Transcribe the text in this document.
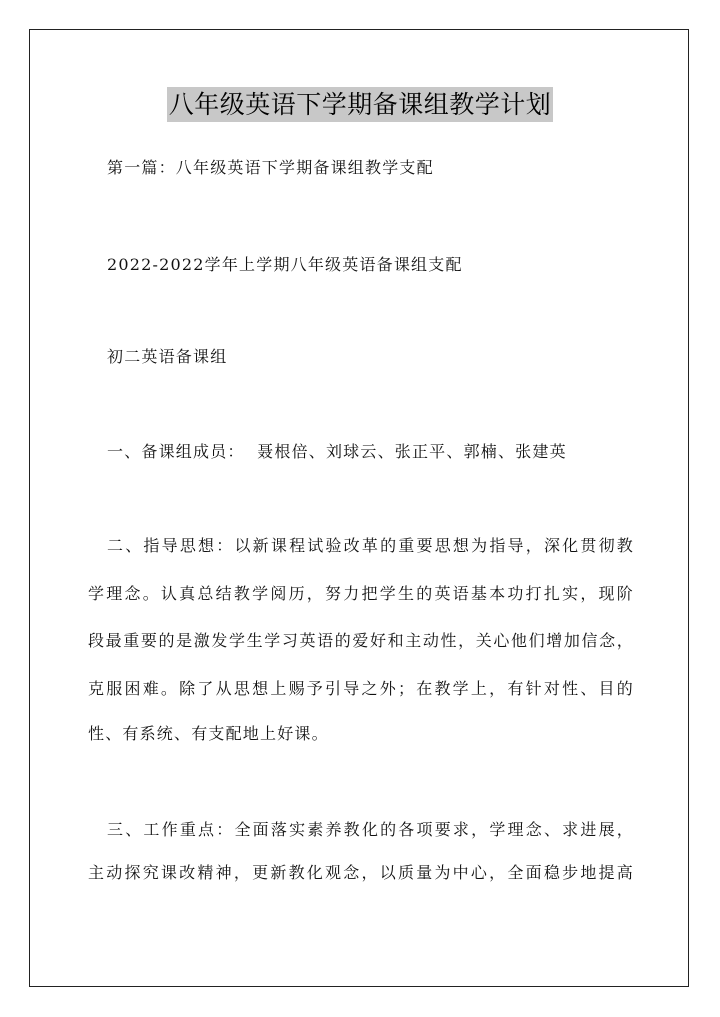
八年级英语下学期备课组教学计划
第一篇：八年级英语下学期备课组教学支配
2022-2022学年上学期八年级英语备课组支配
初二英语备课组
一、备课组成员：  聂根倍、刘球云、张正平、郭楠、张建英
二、指导思想：以新课程试验改革的重要思想为指导，深化贯彻教
学理念。认真总结教学阅历，努力把学生的英语基本功打扎实，现阶
段最重要的是激发学生学习英语的爱好和主动性，关心他们增加信念，
克服困难。除了从思想上赐予引导之外；在教学上，有针对性、目的
性、有系统、有支配地上好课。
三、工作重点：全面落实素养教化的各项要求，学理念、求进展，
主动探究课改精神，更新教化观念，以质量为中心，全面稳步地提高
